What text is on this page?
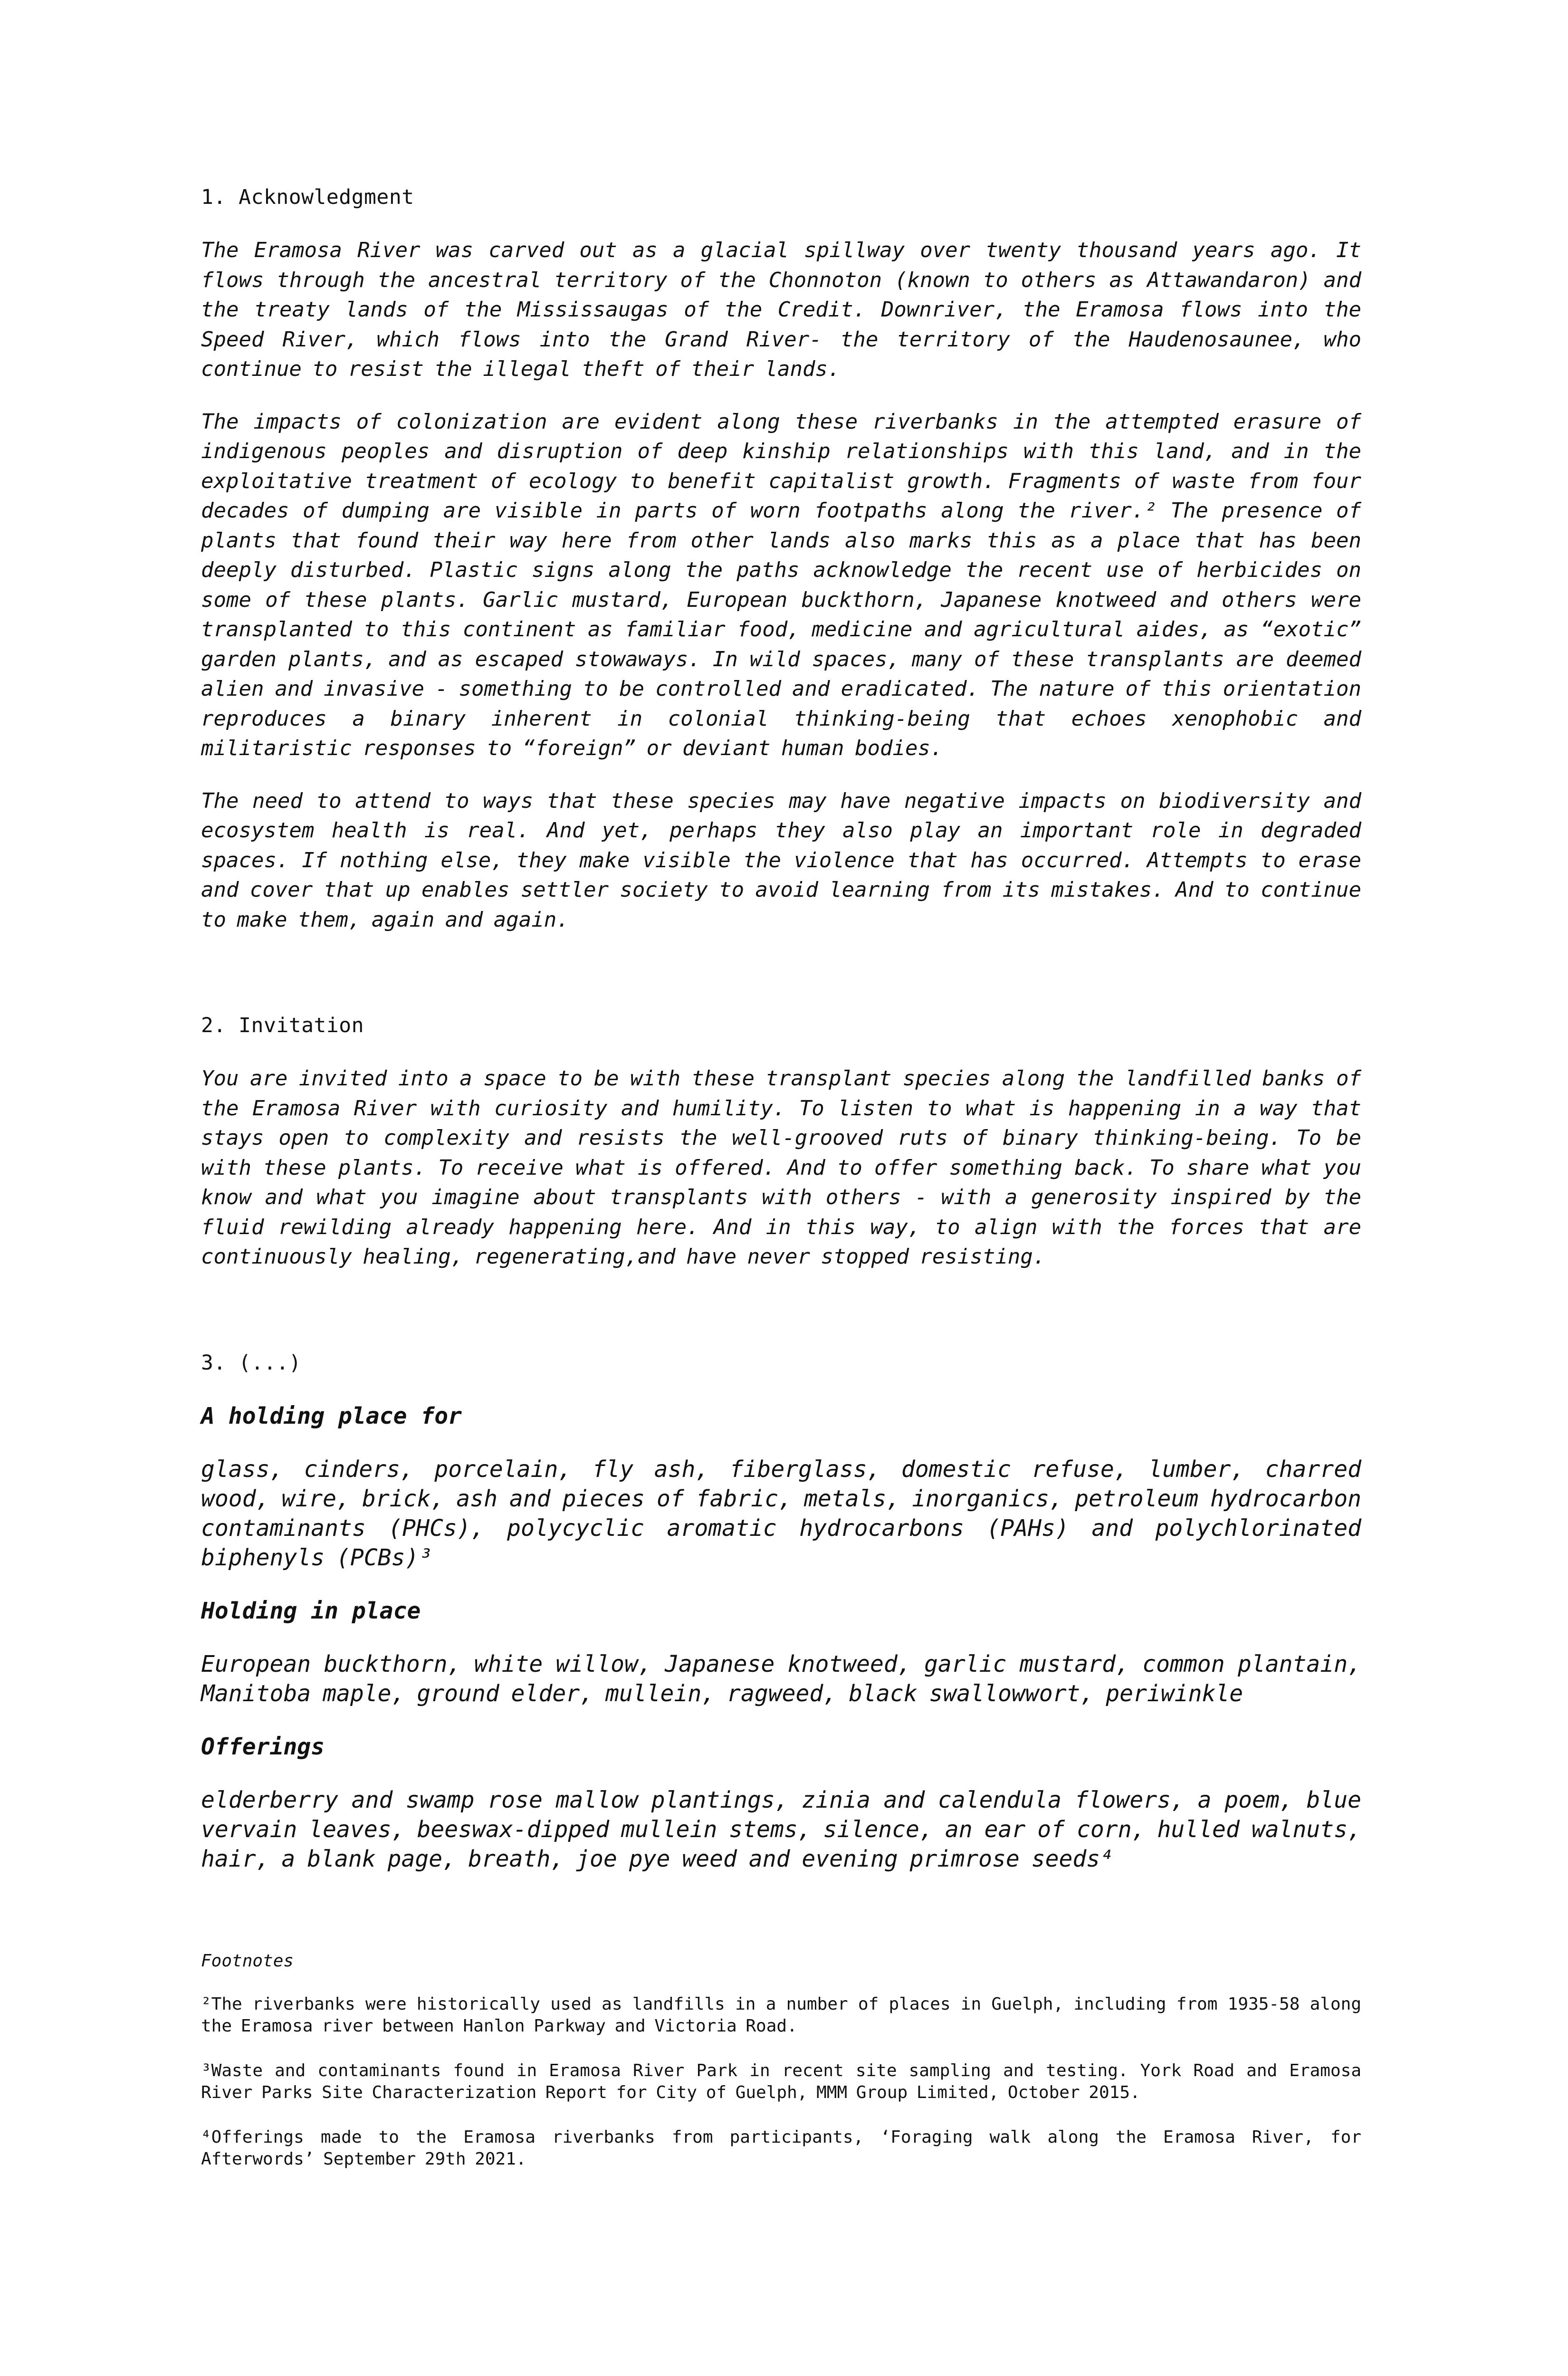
1. Acknowledgment

The Eramosa River was carved out as a glacial spillway over twenty thousand years ago. It flows through the ancestral territory of the Chonnoton (known to others as Attawandaron) and the treaty lands of the Mississaugas of the Credit. Downriver, the Eramosa flows into the Speed River, which flows into the Grand River- the territory of the Haudenosaunee, who continue to resist the illegal theft of their lands.

The impacts of colonization are evident along these riverbanks in the attempted erasure of indigenous peoples and disruption of deep kinship relationships with this land, and in the exploitative treatment of ecology to benefit capitalist growth. Fragments of waste from four decades of dumping are visible in parts of worn footpaths along the river.² The presence of plants that found their way here from other lands also marks this as a place that has been deeply disturbed. Plastic signs along the paths acknowledge the recent use of herbicides on some of these plants. Garlic mustard, European buckthorn, Japanese knotweed and others were transplanted to this continent as familiar food, medicine and agricultural aides, as “exotic” garden plants, and as escaped stowaways. In wild spaces, many of these transplants are deemed alien and invasive - something to be controlled and eradicated. The nature of this orientation reproduces a binary inherent in colonial thinking-being that echoes xenophobic and militaristic responses to “foreign” or deviant human bodies.

The need to attend to ways that these species may have negative impacts on biodiversity and ecosystem health is real. And yet, perhaps they also play an important role in degraded spaces. If nothing else, they make visible the violence that has occurred. Attempts to erase and cover that up enables settler society to avoid learning from its mistakes. And to continue to make them, again and again.

2. Invitation

You are invited into a space to be with these transplant species along the landfilled banks of the Eramosa River with curiosity and humility. To listen to what is happening in a way that stays open to complexity and resists the well-grooved ruts of binary thinking-being. To be with these plants. To receive what is offered. And to offer something back. To share what you know and what you imagine about transplants with others - with a generosity inspired by the fluid rewilding already happening here. And in this way, to align with the forces that are continuously healing, regenerating,and have never stopped resisting.

3. (...)

A holding place for

glass, cinders, porcelain, fly ash, fiberglass, domestic refuse, lumber, charred wood, wire, brick, ash and pieces of fabric, metals, inorganics, petroleum hydrocarbon contaminants (PHCs), polycyclic aromatic hydrocarbons (PAHs) and polychlorinated biphenyls (PCBs)³

Holding in place

European buckthorn, white willow, Japanese knotweed, garlic mustard, common plantain, Manitoba maple, ground elder, mullein, ragweed, black swallowwort, periwinkle

Offerings

elderberry and swamp rose mallow plantings, zinia and calendula flowers, a poem, blue vervain leaves, beeswax-dipped mullein stems, silence, an ear of corn, hulled walnuts, hair, a blank page, breath, joe pye weed and evening primrose seeds⁴

Footnotes

²The riverbanks were historically used as landfills in a number of places in Guelph, including from 1935-58 along the Eramosa river between Hanlon Parkway and Victoria Road.

³Waste and contaminants found in Eramosa River Park in recent site sampling and testing. York Road and Eramosa River Parks Site Characterization Report for City of Guelph, MMM Group Limited, October 2015.

⁴Offerings made to the Eramosa riverbanks from participants, ‘Foraging walk along the Eramosa River, for Afterwords’ September 29th 2021.
